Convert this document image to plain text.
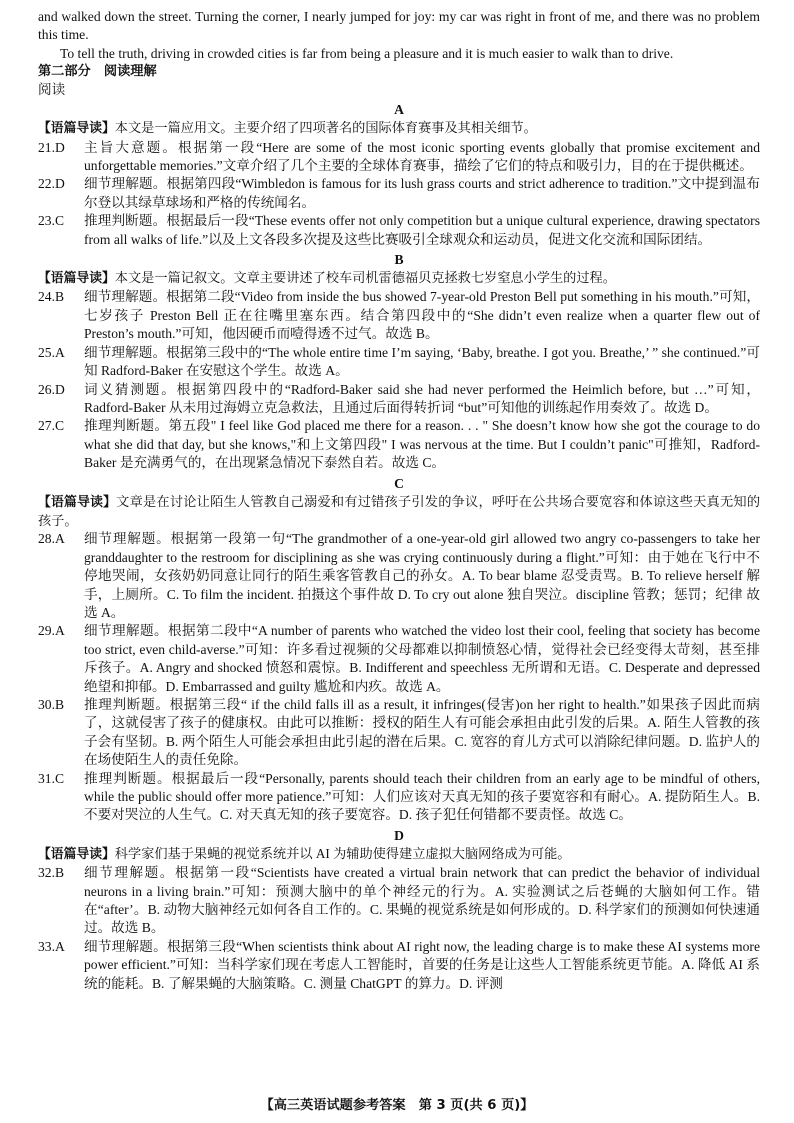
and walked down the street. Turning the corner, I nearly jumped for joy: my car was right in front of me, and there was no problem this time.

To tell the truth, driving in crowded cities is far from being a pleasure and it is much easier to walk than to drive.

第二部分　阅读理解
阅读
A

【语篇导读】本文是一篇应用文。主要介绍了四项著名的国际体育赛事及其相关细节。

21.D	主旨大意题。根据第一段“Here are some of the most iconic sporting events globally that promise excitement and unforgettable memories.”文章介绍了几个主要的全球体育赛事，描绘了它们的特点和吸引力，目的在于提供概述。
22.D	细节理解题。根据第四段“Wimbledon is famous for its lush grass courts and strict adherence to tradition.”文中提到温布尔登以其绿草球场和严格的传统闻名。
23.C	推理判断题。根据最后一段“These events offer not only competition but a unique cultural experience, drawing spectators from all walks of life.”以及上文各段多次提及这些比赛吸引全球观众和运动员，促进文化交流和国际团结。
B

【语篇导读】本文是一篇记叙文。文章主要讲述了校车司机雷德福贝克拯救七岁窒息小学生的过程。

24.B	细节理解题。根据第二段“Video from inside the bus showed 7-year-old Preston Bell put something in his mouth.”可知，七岁孩子 Preston Bell 正在往嘴里塞东西。结合第四段中的“She didn’t even realize when a quarter flew out of Preston’s mouth.”可知，他因硬币而噎得透不过气。故选 B。
25.A	细节理解题。根据第三段中的“The whole entire time I’m saying, ‘Baby, breathe. I got you. Breathe,’ ” she continued.”可知 Radford-Baker 在安慰这个学生。故选 A。
26.D	词义猜测题。根据第四段中的“Radford-Baker said she had never performed the Heimlich before, but …”可知，Radford-Baker 从未用过海姆立克急救法，且通过后面得转折词 “but”可知他的训练起作用奏效了。故选 D。
27.C	推理判断题。第五段" I feel like God placed me there for a reason. . . " She doesn’t know how she got the courage to do what she did that day, but she knows,"和上文第四段" I was nervous at the time. But I couldn’t panic"可推知，Radford-Baker 是充满勇气的，在出现紧急情况下泰然自若。故选 C。
C

【语篇导读】文章是在讨论让陌生人管教自己溺爱和有过错孩子引发的争议，呼吁在公共场合要宽容和体谅这些天真无知的孩子。

28.A	细节理解题。根据第一段第一句“The grandmother of a one-year-old girl allowed two angry co-passengers to take her granddaughter to the restroom for disciplining as she was crying continuously during a flight.”可知：由于她在飞行中不停地哭闹，女孩奶奶同意让同行的陌生乘客管教自己的孙女。A. To bear blame 忍受责骂。B. To relieve herself 解手，上厕所。C. To film the incident. 拍摄这个事件故 D. To cry out alone 独自哭泣。discipline 管教；惩罚；纪律 故选 A。
29.A	细节理解题。根据第二段中“A number of parents who watched the video lost their cool, feeling that society has become too strict, even child-averse.”可知：许多看过视频的父母都难以抑制愤怒心情，觉得社会已经变得太苛刻，甚至排斥孩子。A. Angry and shocked 愤怒和震惊。B. Indifferent and speechless 无所谓和无语。C. Desperate and depressed 绝望和抑郁。D. Embarrassed and guilty 尴尬和内疚。故选 A。
30.B	推理判断题。根据第三段“ if the child falls ill as a result, it infringes(侵害)on her right to health.”如果孩子因此而病了，这就侵害了孩子的健康权。由此可以推断：授权的陌生人有可能会承担由此引发的后果。A. 陌生人管教的孩子会有坚韧。B. 两个陌生人可能会承担由此引起的潜在后果。C. 宽容的育儿方式可以消除纪律问题。D. 监护人的在场使陌生人的责任免除。
31.C	推理判断题。根据最后一段“Personally, parents should teach their children from an early age to be mindful of others, while the public should offer more patience.”可知：人们应该对天真无知的孩子要宽容和有耐心。A. 提防陌生人。B. 不要对哭泣的人生气。C. 对天真无知的孩子要宽容。D. 孩子犯任何错都不要责怪。故选 C。
D

【语篇导读】科学家们基于果蝇的视觉系统并以 AI 为辅助使得建立虚拟大脑网络成为可能。

32.B	细节理解题。根据第一段“Scientists have created a virtual brain network that can predict the behavior of individual neurons in a living brain.”可知：预测大脑中的单个神经元的行为。A. 实验测试之后苍蝇的大脑如何工作。错在“after’。B. 动物大脑神经元如何各自工作的。C. 果蝇的视觉系统是如何形成的。D. 科学家们的预测如何快速通过。故选 B。
33.A	细节理解题。根据第三段“When scientists think about AI right now, the leading charge is to make these AI systems more power efficient.”可知：当科学家们现在考虑人工智能时，首要的任务是让这些人工智能系统更节能。A. 降低 AI 系统的能耗。B. 了解果蝇的大脑策略。C. 测量 ChatGPT 的算力。D. 评测
【高三英语试题参考答案　第 3 页(共 6 页)】
